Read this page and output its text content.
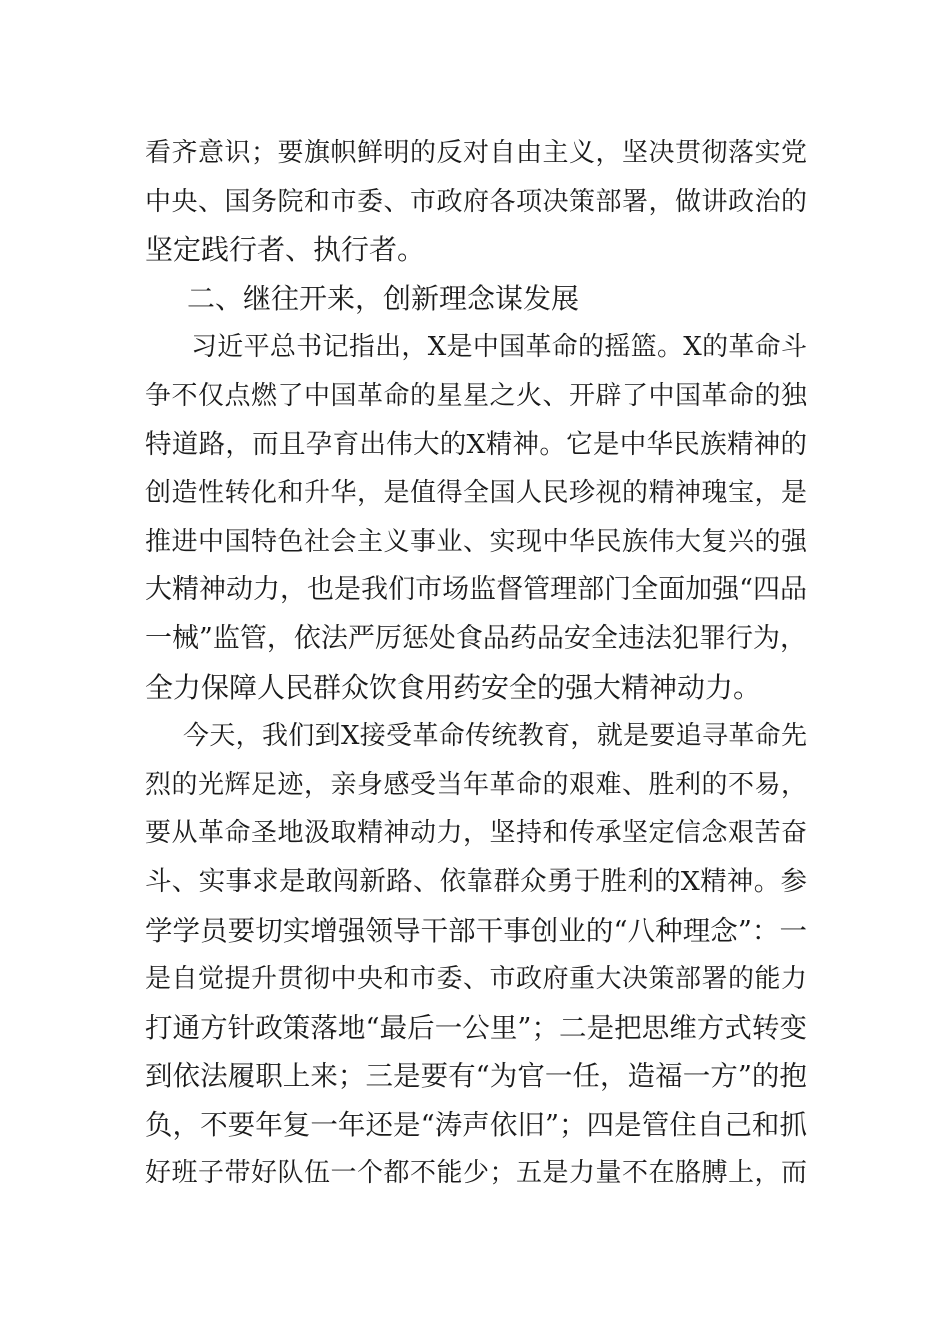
看齐意识；要旗帜鲜明的反对自由主义，坚决贯彻落实党
中央、国务院和市委、市政府各项决策部署，做讲政治的
坚定践行者、执行者。
二、继往开来，创新理念谋发展
习近平总书记指出，X是中国革命的摇篮。X的革命斗
争不仅点燃了中国革命的星星之火、开辟了中国革命的独
特道路，而且孕育出伟大的X精神。它是中华民族精神的
创造性转化和升华，是值得全国人民珍视的精神瑰宝，是
推进中国特色社会主义事业、实现中华民族伟大复兴的强
大精神动力，也是我们市场监督管理部门全面加强“四品
一械”监管，依法严厉惩处食品药品安全违法犯罪行为，
全力保障人民群众饮食用药安全的强大精神动力。
今天，我们到X接受革命传统教育，就是要追寻革命先
烈的光辉足迹，亲身感受当年革命的艰难、胜利的不易，
要从革命圣地汲取精神动力，坚持和传承坚定信念艰苦奋
斗、实事求是敢闯新路、依靠群众勇于胜利的X精神。参
学学员要切实增强领导干部干事创业的“八种理念”：一
是自觉提升贯彻中央和市委、市政府重大决策部署的能力
打通方针政策落地“最后一公里”；二是把思维方式转变
到依法履职上来；三是要有“为官一任，造福一方”的抱
负，不要年复一年还是“涛声依旧”；四是管住自己和抓
好班子带好队伍一个都不能少；五是力量不在胳膊上，而
